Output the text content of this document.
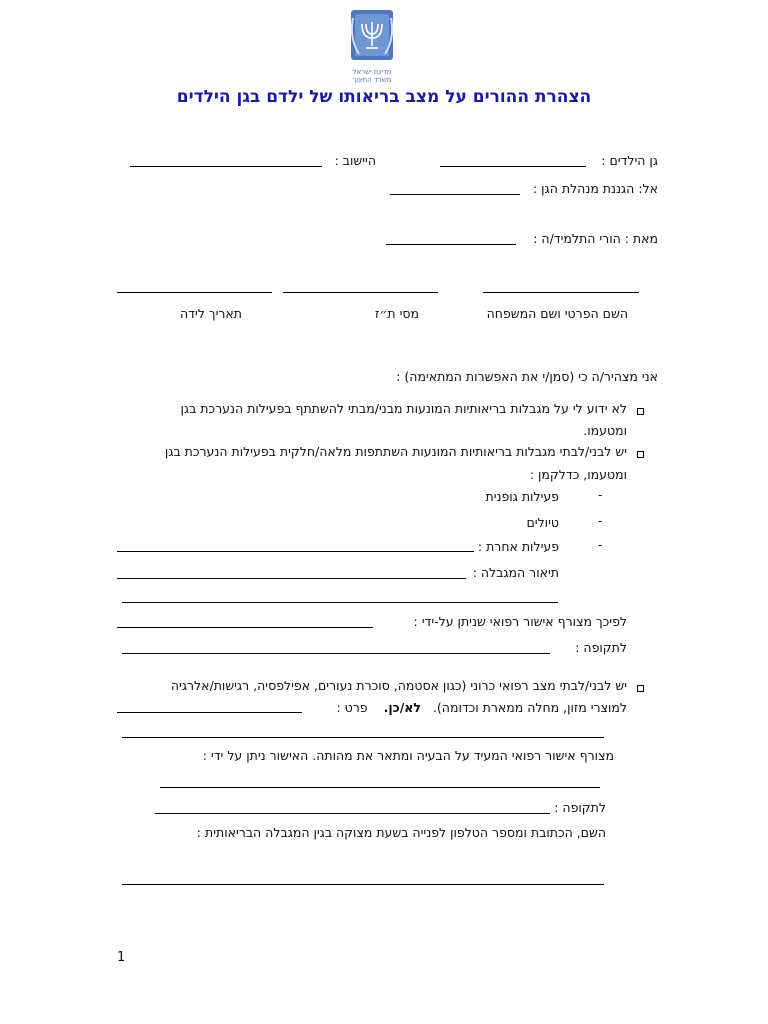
מדינת ישראל
משרד החינוך
הצהרת ההורים על מצב בריאותו של ילדם בגן הילדים
גן הילדים :
היישוב :
אל: הגננת מנהלת הגן :
מאת : הורי התלמיד/ה :
השם הפרטי ושם המשפחה
מסי ת״ז
תאריך לידה
אני מצהיר/ה כי (סמן/י את האפשרות המתאימה) :
לא ידוע לי על מגבלות בריאותיות המונעות מבני/מבתי להשתתף בפעילות הנערכת בגן
ומטעמו.
יש לבני/לבתי מגבלות בריאותיות המונעות השתתפות מלאה/חלקית בפעילות הנערכת בגן
ומטעמו, כדלקמן :
-
פעילות גופנית
-
טיולים
-
פעילות אחרת :
תיאור המגבלה :
לפיכך מצורף אישור רפואי שניתן על-ידי :
לתקופה :
יש לבני/לבתי מצב רפואי כרוני (כגון אסטמה, סוכרת נעורים, אפילפסיה, רגישות/אלרגיה
למוצרי מזון, מחלה ממארת וכדומה). לא/כן. פרט :
מצורף אישור רפואי המעיד על הבעיה ומתאר את מהותה. האישור ניתן על ידי :
לתקופה :
השם, הכתובת ומספר הטלפון לפנייה בשעת מצוקה בגין המגבלה הבריאותית :
1
